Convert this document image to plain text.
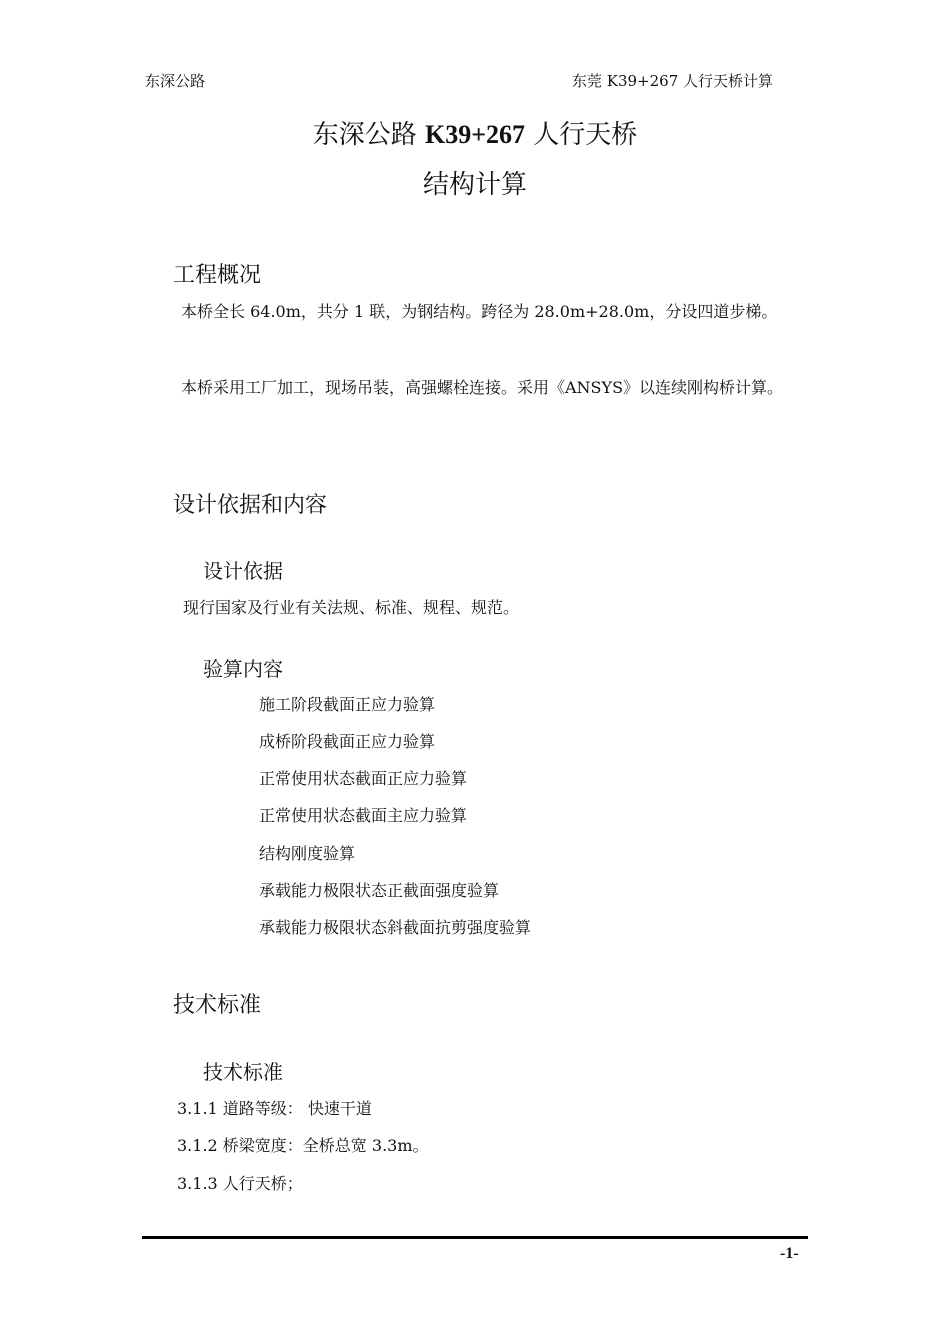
东深公路	东莞 K39+267 人行天桥计算
东深公路 K39+267 人行天桥
结构计算
工程概况
本桥全长 64.0m，共分 1 联，为钢结构。跨径为 28.0m+28.0m，分设四道步梯。
本桥采用工厂加工，现场吊装，高强螺栓连接。采用《ANSYS》以连续刚构桥计算。
设计依据和内容
设计依据
现行国家及行业有关法规、标准、规程、规范。
验算内容
施工阶段截面正应力验算
成桥阶段截面正应力验算
正常使用状态截面正应力验算
正常使用状态截面主应力验算
结构刚度验算
承载能力极限状态正截面强度验算
承载能力极限状态斜截面抗剪强度验算
技术标准
技术标准
3.1.1 道路等级： 快速干道
3.1.2 桥梁宽度：全桥总宽 3.3m。
3.1.3 人行天桥；
-1-
